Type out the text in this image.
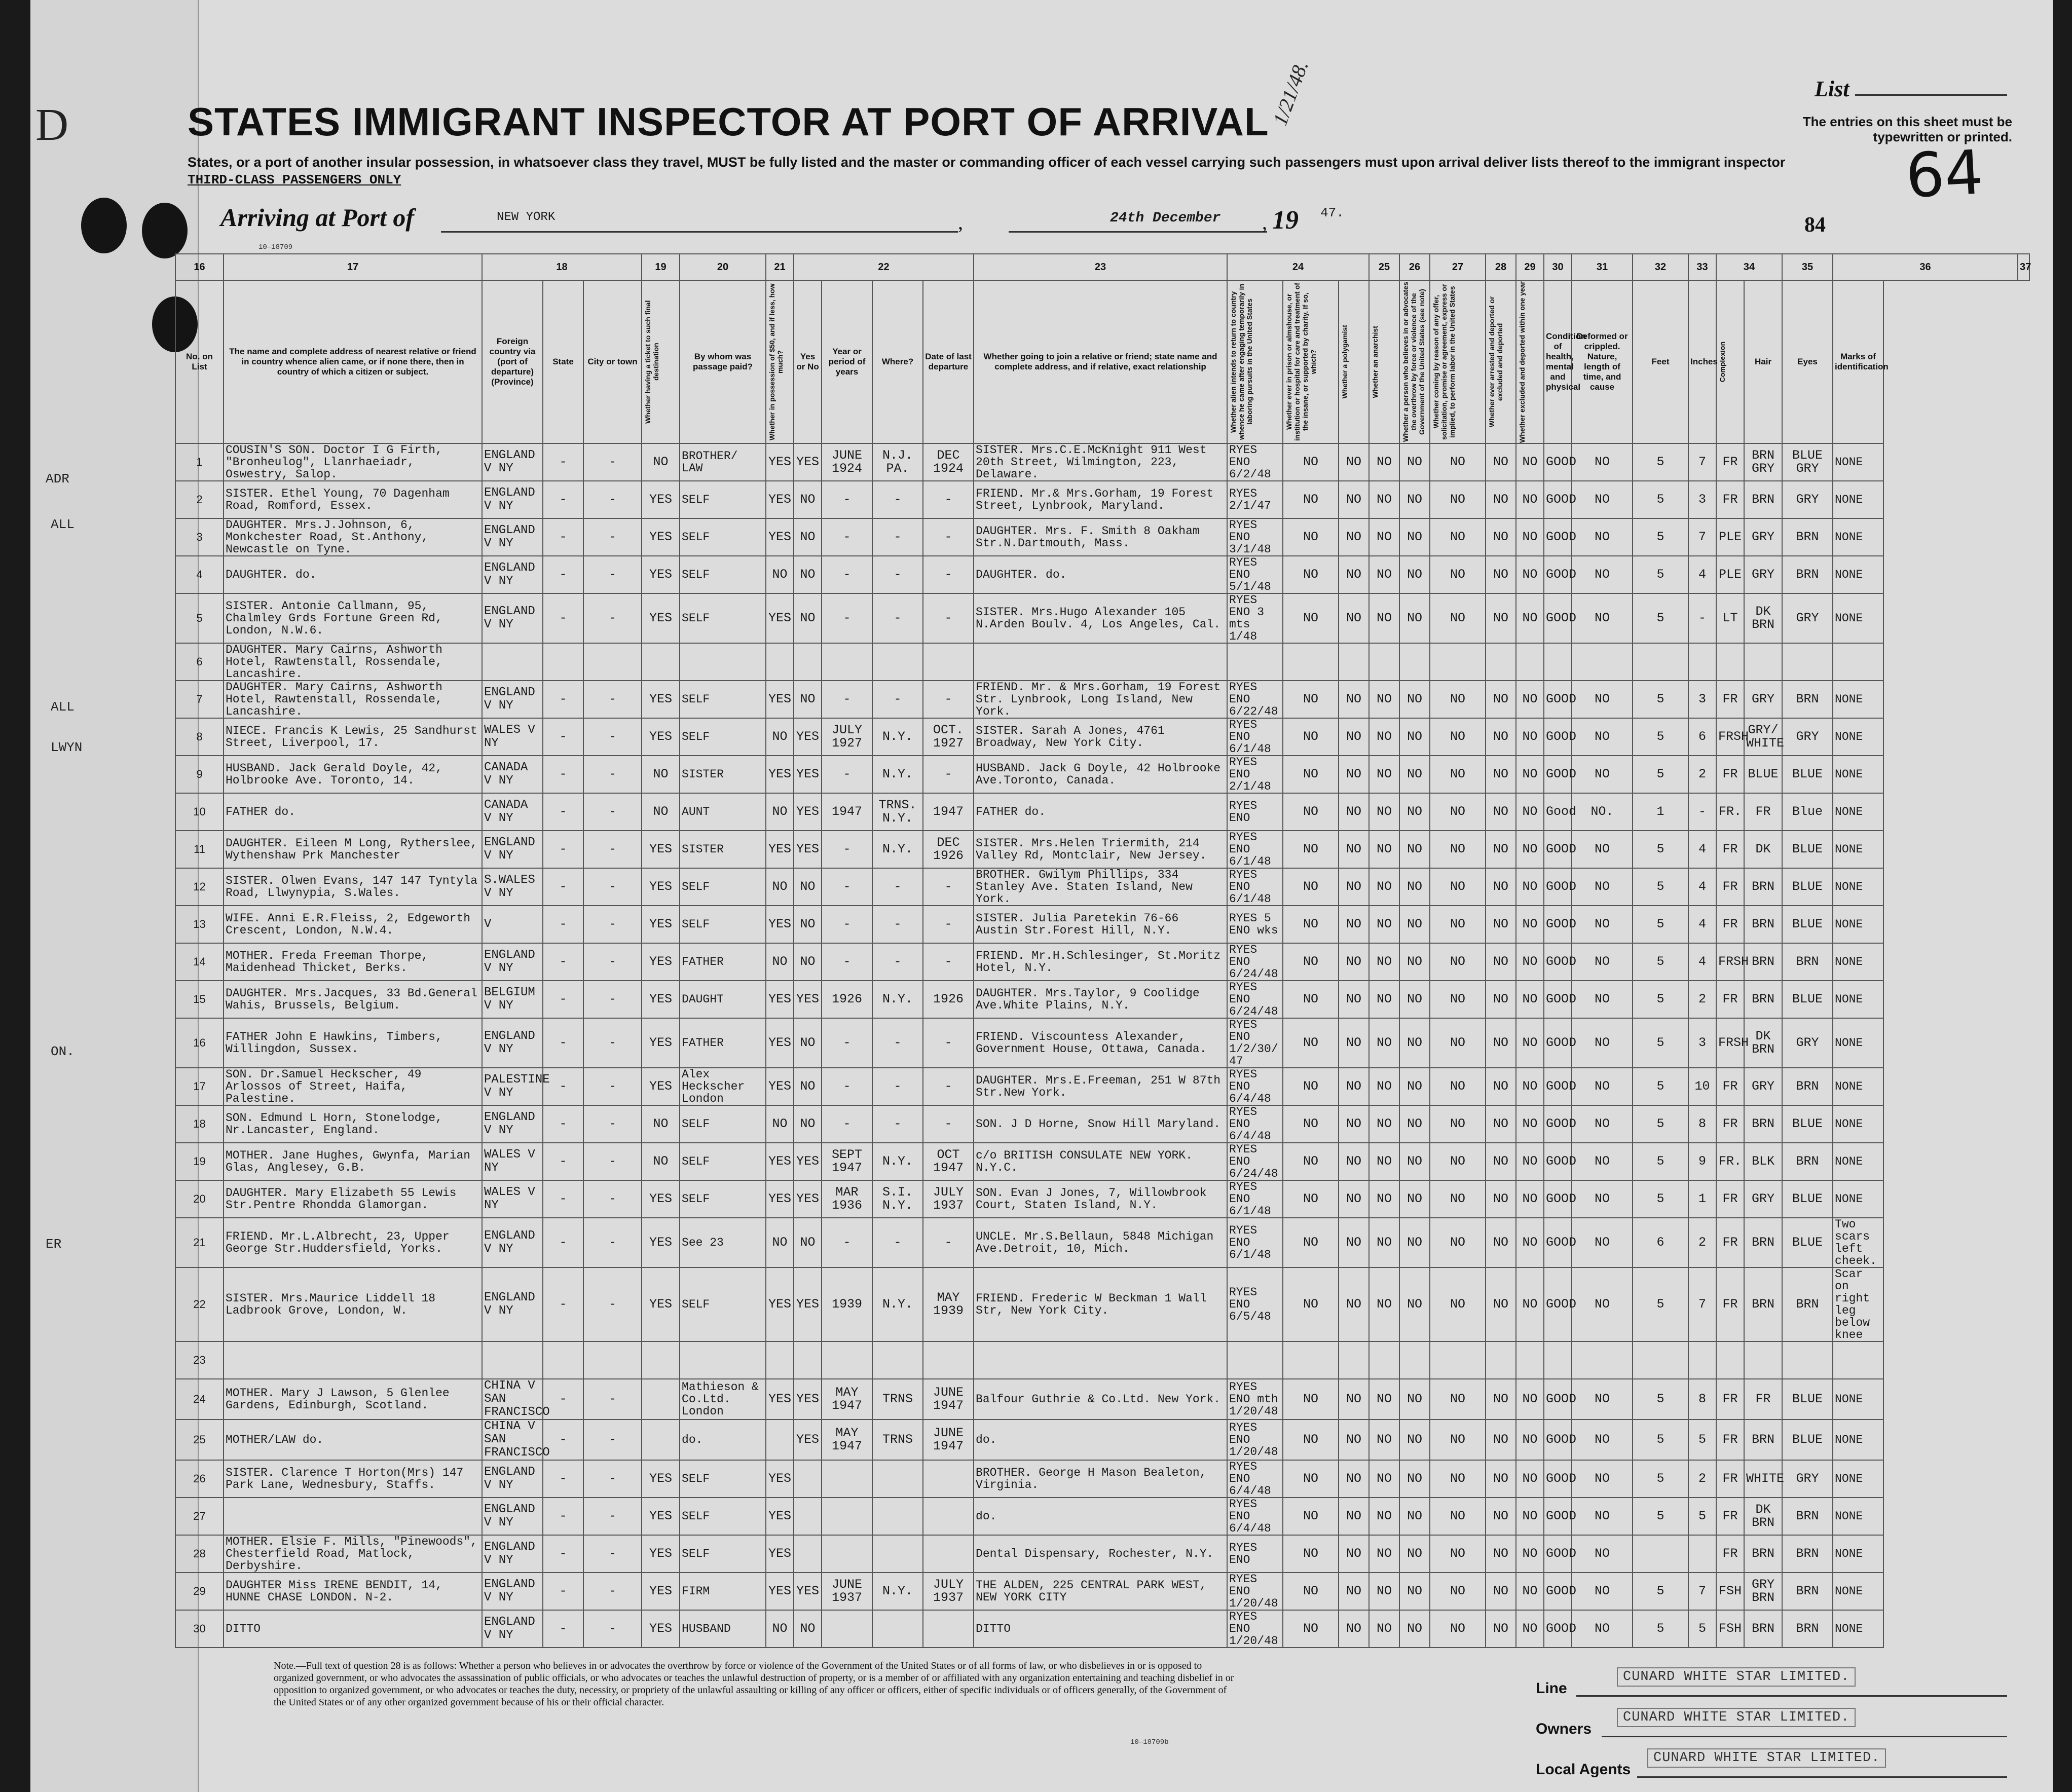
D
ADR
ALL
ALL
LWYN
ON.
ER
1/21/48.
STATES IMMIGRANT INSPECTOR AT PORT OF ARRIVAL
States, or a port of another insular possession, in whatsoever class they travel, MUST be fully listed and the master or commanding officer of each vessel carrying such passengers must upon arrival deliver lists thereof to the immigrant inspector
THIRD-CLASS PASSENGERS ONLY
List
The entries on this sheet must be typewritten or printed.
64
84
Arriving at Port of	NEW YORK	,	24th December , 19 47.
10—18709
16	17	18			19	20	21	22				23	24			25	26	27	28	29	30	31	32	33	34		35	36	37
No. on List	The name and complete address of nearest relative or friend in country whence alien came, or if none there, then in country of which a citizen or subject.	Foreign country via (port of departure) (Province)	State	City or town	Whether having a ticket to such final destination	By whom was passage paid?	Whether in possession of $50, and if less, how much?	Yes or No	Year or period of years	Where?	Date of last departure	Whether going to join a relative or friend; state name and complete address, and if relative, exact relationship	Whether alien intends to return to country whence he came after engaging temporarily in laboring pursuits in the United States	Whether ever in prison or almshouse, or institution or hospital for care and treatment of the insane, or supported by charity. If so, which?	Whether a polygamist	Whether an anarchist	Whether a person who believes in or advocates the overthrow by force or violence of the Government of the United States (see note)	Whether coming by reason of any offer, solicitation, promise or agreement, express or implied, to perform labor in the United States	Whether ever arrested and deported or excluded and deported	Whether excluded and deported within one year	Condition of health, mental and physical	Deformed or crippled. Nature, length of time, and cause	Feet	Inches	Complexion	Hair	Eyes	Marks of identification	
1	COUSIN'S SON. Doctor I G Firth, "Bronheulog", Llanrhaeiadr, Oswestry, Salop.	ENGLAND V NY	-	-	NO	BROTHER/ LAW	YES	YES	JUNE 1924	N.J. PA.	DEC 1924	SISTER. Mrs.C.E.McKnight 911 West 20th Street, Wilmington, 223, Delaware.	RYES ENO 6/2/48	NO	NO	NO	NO	NO	NO	NO	GOOD	NO	5	7	FR	BRN GRY	BLUE GRY	NONE	
2	SISTER. Ethel Young, 70 Dagenham Road, Romford, Essex.	ENGLAND V NY	-	-	YES	SELF	YES	NO	-	-	-	FRIEND. Mr.& Mrs.Gorham, 19 Forest Street, Lynbrook, Maryland.	RYES 2/1/47	NO	NO	NO	NO	NO	NO	NO	GOOD	NO	5	3	FR	BRN	GRY	NONE	
3	DAUGHTER. Mrs.J.Johnson, 6, Monkchester Road, St.Anthony, Newcastle on Tyne.	ENGLAND V NY	-	-	YES	SELF	YES	NO	-	-	-	DAUGHTER. Mrs. F. Smith 8 Oakham Str.N.Dartmouth, Mass.	RYES ENO 3/1/48	NO	NO	NO	NO	NO	NO	NO	GOOD	NO	5	7	PLE	GRY	BRN	NONE	
4	DAUGHTER. do.	ENGLAND V NY	-	-	YES	SELF	NO	NO	-	-	-	DAUGHTER. do.	RYES ENO 5/1/48	NO	NO	NO	NO	NO	NO	NO	GOOD	NO	5	4	PLE	GRY	BRN	NONE	
5	SISTER. Antonie Callmann, 95, Chalmley Grds Fortune Green Rd, London, N.W.6.	ENGLAND V NY	-	-	YES	SELF	YES	NO	-	-	-	SISTER. Mrs.Hugo Alexander 105 N.Arden Boulv. 4, Los Angeles, Cal.	RYES ENO 3 mts 1/48	NO	NO	NO	NO	NO	NO	NO	GOOD	NO	5	-	LT	DK BRN	GRY	NONE	
6	DAUGHTER. Mary Cairns, Ashworth Hotel, Rawtenstall, Rossendale, Lancashire.																												
7	DAUGHTER. Mary Cairns, Ashworth Hotel, Rawtenstall, Rossendale, Lancashire.	ENGLAND V NY	-	-	YES	SELF	YES	NO	-	-	-	FRIEND. Mr. & Mrs.Gorham, 19 Forest Str. Lynbrook, Long Island, New York.	RYES ENO 6/22/48	NO	NO	NO	NO	NO	NO	NO	GOOD	NO	5	3	FR	GRY	BRN	NONE	
8	NIECE. Francis K Lewis, 25 Sandhurst Street, Liverpool, 17.	WALES V NY	-	-	YES	SELF	NO	YES	JULY 1927	N.Y.	OCT. 1927	SISTER. Sarah A Jones, 4761 Broadway, New York City.	RYES ENO 6/1/48	NO	NO	NO	NO	NO	NO	NO	GOOD	NO	5	6	FRSH	GRY/ WHITE	GRY	NONE	
9	HUSBAND. Jack Gerald Doyle, 42, Holbrooke Ave. Toronto, 14.	CANADA V NY	-	-	NO	SISTER	YES	YES	-	N.Y.	-	HUSBAND. Jack G Doyle, 42 Holbrooke Ave.Toronto, Canada.	RYES ENO 2/1/48	NO	NO	NO	NO	NO	NO	NO	GOOD	NO	5	2	FR	BLUE	BLUE	NONE	
10	FATHER do.	CANADA V NY	-	-	NO	AUNT	NO	YES	1947	TRNS. N.Y.	1947	FATHER do.	RYES ENO	NO	NO	NO	NO	NO	NO	NO	Good	NO.	1	-	FR.	FR	Blue	NONE	
11	DAUGHTER. Eileen M Long, Rytherslee, Wythenshaw Prk Manchester	ENGLAND V NY	-	-	YES	SISTER	YES	YES	-	N.Y.	DEC 1926	SISTER. Mrs.Helen Triermith, 214 Valley Rd, Montclair, New Jersey.	RYES ENO 6/1/48	NO	NO	NO	NO	NO	NO	NO	GOOD	NO	5	4	FR	DK	BLUE	NONE	
12	SISTER. Olwen Evans, 147 147 Tyntyla Road, Llwynypia, S.Wales.	S.WALES V NY	-	-	YES	SELF	NO	NO	-	-	-	BROTHER. Gwilym Phillips, 334 Stanley Ave. Staten Island, New York.	RYES ENO 6/1/48	NO	NO	NO	NO	NO	NO	NO	GOOD	NO	5	4	FR	BRN	BLUE	NONE	
13	WIFE. Anni E.R.Fleiss, 2, Edgeworth Crescent, London, N.W.4.	V	-	-	YES	SELF	YES	NO	-	-	-	SISTER. Julia Paretekin 76-66 Austin Str.Forest Hill, N.Y.	RYES 5 ENO wks	NO	NO	NO	NO	NO	NO	NO	GOOD	NO	5	4	FR	BRN	BLUE	NONE	
14	MOTHER. Freda Freeman Thorpe, Maidenhead Thicket, Berks.	ENGLAND V NY	-	-	YES	FATHER	NO	NO	-	-	-	FRIEND. Mr.H.Schlesinger, St.Moritz Hotel, N.Y.	RYES ENO 6/24/48	NO	NO	NO	NO	NO	NO	NO	GOOD	NO	5	4	FRSH	BRN	BRN	NONE	
15	DAUGHTER. Mrs.Jacques, 33 Bd.General Wahis, Brussels, Belgium.	BELGIUM V NY	-	-	YES	DAUGHT	YES	YES	1926	N.Y.	1926	DAUGHTER. Mrs.Taylor, 9 Coolidge Ave.White Plains, N.Y.	RYES ENO 6/24/48	NO	NO	NO	NO	NO	NO	NO	GOOD	NO	5	2	FR	BRN	BLUE	NONE	
16	FATHER John E Hawkins, Timbers, Willingdon, Sussex.	ENGLAND V NY	-	-	YES	FATHER	YES	NO	-	-	-	FRIEND. Viscountess Alexander, Government House, Ottawa, Canada.	RYES ENO 1/2/30/47	NO	NO	NO	NO	NO	NO	NO	GOOD	NO	5	3	FRSH	DK BRN	GRY	NONE	
17	SON. Dr.Samuel Heckscher, 49 Arlossos of Street, Haifa, Palestine.	PALESTINE V NY	-	-	YES	Alex Heckscher London	YES	NO	-	-	-	DAUGHTER. Mrs.E.Freeman, 251 W 87th Str.New York.	RYES ENO 6/4/48	NO	NO	NO	NO	NO	NO	NO	GOOD	NO	5	10	FR	GRY	BRN	NONE	
18	SON. Edmund L Horn, Stonelodge, Nr.Lancaster, England.	ENGLAND V NY	-	-	NO	SELF	NO	NO	-	-	-	SON. J D Horne, Snow Hill Maryland.	RYES ENO 6/4/48	NO	NO	NO	NO	NO	NO	NO	GOOD	NO	5	8	FR	BRN	BLUE	NONE	
19	MOTHER. Jane Hughes, Gwynfa, Marian Glas, Anglesey, G.B.	WALES V NY	-	-	NO	SELF	YES	YES	SEPT 1947	N.Y.	OCT 1947	c/o BRITISH CONSULATE NEW YORK. N.Y.C.	RYES ENO 6/24/48	NO	NO	NO	NO	NO	NO	NO	GOOD	NO	5	9	FR.	BLK	BRN	NONE	
20	DAUGHTER. Mary Elizabeth 55 Lewis Str.Pentre Rhondda Glamorgan.	WALES V NY	-	-	YES	SELF	YES	YES	MAR 1936	S.I. N.Y.	JULY 1937	SON. Evan J Jones, 7, Willowbrook Court, Staten Island, N.Y.	RYES ENO 6/1/48	NO	NO	NO	NO	NO	NO	NO	GOOD	NO	5	1	FR	GRY	BLUE	NONE	
21	FRIEND. Mr.L.Albrecht, 23, Upper George Str.Huddersfield, Yorks.	ENGLAND V NY	-	-	YES	See 23	NO	NO	-	-	-	UNCLE. Mr.S.Bellaun, 5848 Michigan Ave.Detroit, 10, Mich.	RYES ENO 6/1/48	NO	NO	NO	NO	NO	NO	NO	GOOD	NO	6	2	FR	BRN	BLUE	Two scars left cheek.	
22	SISTER. Mrs.Maurice Liddell 18 Ladbrook Grove, London, W.	ENGLAND V NY	-	-	YES	SELF	YES	YES	1939	N.Y.	MAY 1939	FRIEND. Frederic W Beckman 1 Wall Str, New York City.	RYES ENO 6/5/48	NO	NO	NO	NO	NO	NO	NO	GOOD	NO	5	7	FR	BRN	BRN	Scar on right leg below knee	
23																													
24	MOTHER. Mary J Lawson, 5 Glenlee Gardens, Edinburgh, Scotland.	CHINA V SAN FRANCISCO	-	-		Mathieson & Co.Ltd. London	YES	YES	MAY 1947	TRNS	JUNE 1947	Balfour Guthrie & Co.Ltd. New York.	RYES ENO mth 1/20/48	NO	NO	NO	NO	NO	NO	NO	GOOD	NO	5	8	FR	FR	BLUE	NONE	
25	MOTHER/LAW do.	CHINA V SAN FRANCISCO	-	-		do.		YES	MAY 1947	TRNS	JUNE 1947	do.	RYES ENO 1/20/48	NO	NO	NO	NO	NO	NO	NO	GOOD	NO	5	5	FR	BRN	BLUE	NONE	
26	SISTER. Clarence T Horton(Mrs) 147 Park Lane, Wednesbury, Staffs.	ENGLAND V NY	-	-	YES	SELF	YES					BROTHER. George H Mason Bealeton, Virginia.	RYES ENO 6/4/48	NO	NO	NO	NO	NO	NO	NO	GOOD	NO	5	2	FR	WHITE	GRY	NONE	
27		ENGLAND V NY	-	-	YES	SELF	YES					do.	RYES ENO 6/4/48	NO	NO	NO	NO	NO	NO	NO	GOOD	NO	5	5	FR	DK BRN	BRN	NONE	
28	MOTHER. Elsie F. Mills, "Pinewoods", Chesterfield Road, Matlock, Derbyshire.	ENGLAND V NY	-	-	YES	SELF	YES					Dental Dispensary, Rochester, N.Y.	RYES ENO	NO	NO	NO	NO	NO	NO	NO	GOOD	NO			FR	BRN	BRN	NONE	
29	DAUGHTER Miss IRENE BENDIT, 14, HUNNE CHASE LONDON. N-2.	ENGLAND V NY	-	-	YES	FIRM	YES	YES	JUNE 1937	N.Y.	JULY 1937	THE ALDEN, 225 CENTRAL PARK WEST, NEW YORK CITY	RYES ENO 1/20/48	NO	NO	NO	NO	NO	NO	NO	GOOD	NO	5	7	FSH	GRY BRN	BRN	NONE	
30	DITTO	ENGLAND V NY	-	-	YES	HUSBAND	NO	NO				DITTO	RYES ENO 1/20/48	NO	NO	NO	NO	NO	NO	NO	GOOD	NO	5	5	FSH	BRN	BRN	NONE	
Note.—Full text of question 28 is as follows: Whether a person who believes in or advocates the overthrow by force or violence of the Government of the United States or of all forms of law, or who disbelieves in or is opposed to organized government, or who advocates the assassination of public officials, or who advocates or teaches the unlawful destruction of property, or is a member of or affiliated with any organization entertaining and teaching disbelief in or opposition to organized government, or who advocates or teaches the duty, necessity, or propriety of the unlawful assaulting or killing of any officer or officers, either of specific individuals or of officers generally, of the Government of the United States or of any other organized government because of his or their official character.
10—18709b
Line
CUNARD WHITE STAR LIMITED.
Owners
CUNARD WHITE STAR LIMITED.
Local Agents
CUNARD WHITE STAR LIMITED.
